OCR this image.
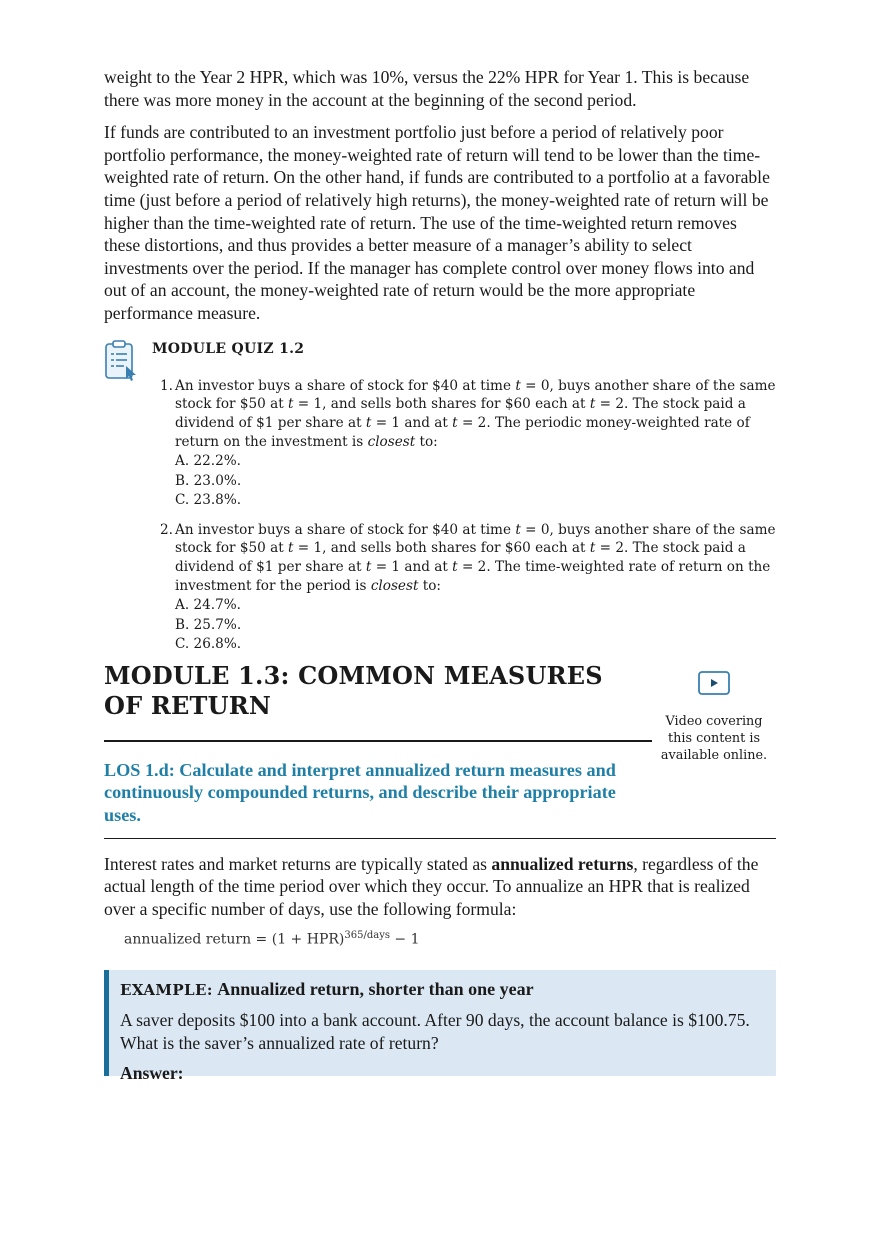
weight to the Year 2 HPR, which was 10%, versus the 22% HPR for Year 1. This is because there was more money in the account at the beginning of the second period.

If funds are contributed to an investment portfolio just before a period of relatively poor portfolio performance, the money-weighted rate of return will tend to be lower than the time-weighted rate of return. On the other hand, if funds are contributed to a portfolio at a favorable time (just before a period of relatively high returns), the money-weighted rate of return will be higher than the time-weighted rate of return. The use of the time-weighted return removes these distortions, and thus provides a better measure of a manager’s ability to select investments over the period. If the manager has complete control over money flows into and out of an account, the money-weighted rate of return would be the more appropriate performance measure.

MODULE QUIZ 1.2
1. An investor buys a share of stock for $40 at time t = 0, buys another share of the same stock for $50 at t = 1, and sells both shares for $60 each at t = 2. The stock paid a dividend of $1 per share at t = 1 and at t = 2. The periodic money-weighted rate of return on the investment is closest to:
A. 22.2%.
B. 23.0%.
C. 23.8%.
2. An investor buys a share of stock for $40 at time t = 0, buys another share of the same stock for $50 at t = 1, and sells both shares for $60 each at t = 2. The stock paid a dividend of $1 per share at t = 1 and at t = 2. The time-weighted rate of return on the investment for the period is closest to:
A. 24.7%.
B. 25.7%.
C. 26.8%.
MODULE 1.3: COMMON MEASURES OF RETURN
Video covering this content is available online.
LOS 1.d: Calculate and interpret annualized return measures and continuously compounded returns, and describe their appropriate uses.

Interest rates and market returns are typically stated as annualized returns, regardless of the actual length of the time period over which they occur. To annualize an HPR that is realized over a specific number of days, use the following formula:

annualized return = (1 + HPR)$^{365/days}$ − 1
EXAMPLE: Annualized return, shorter than one year

A saver deposits $100 into a bank account. After 90 days, the account balance is $100.75. What is the saver’s annualized rate of return?

Answer:
